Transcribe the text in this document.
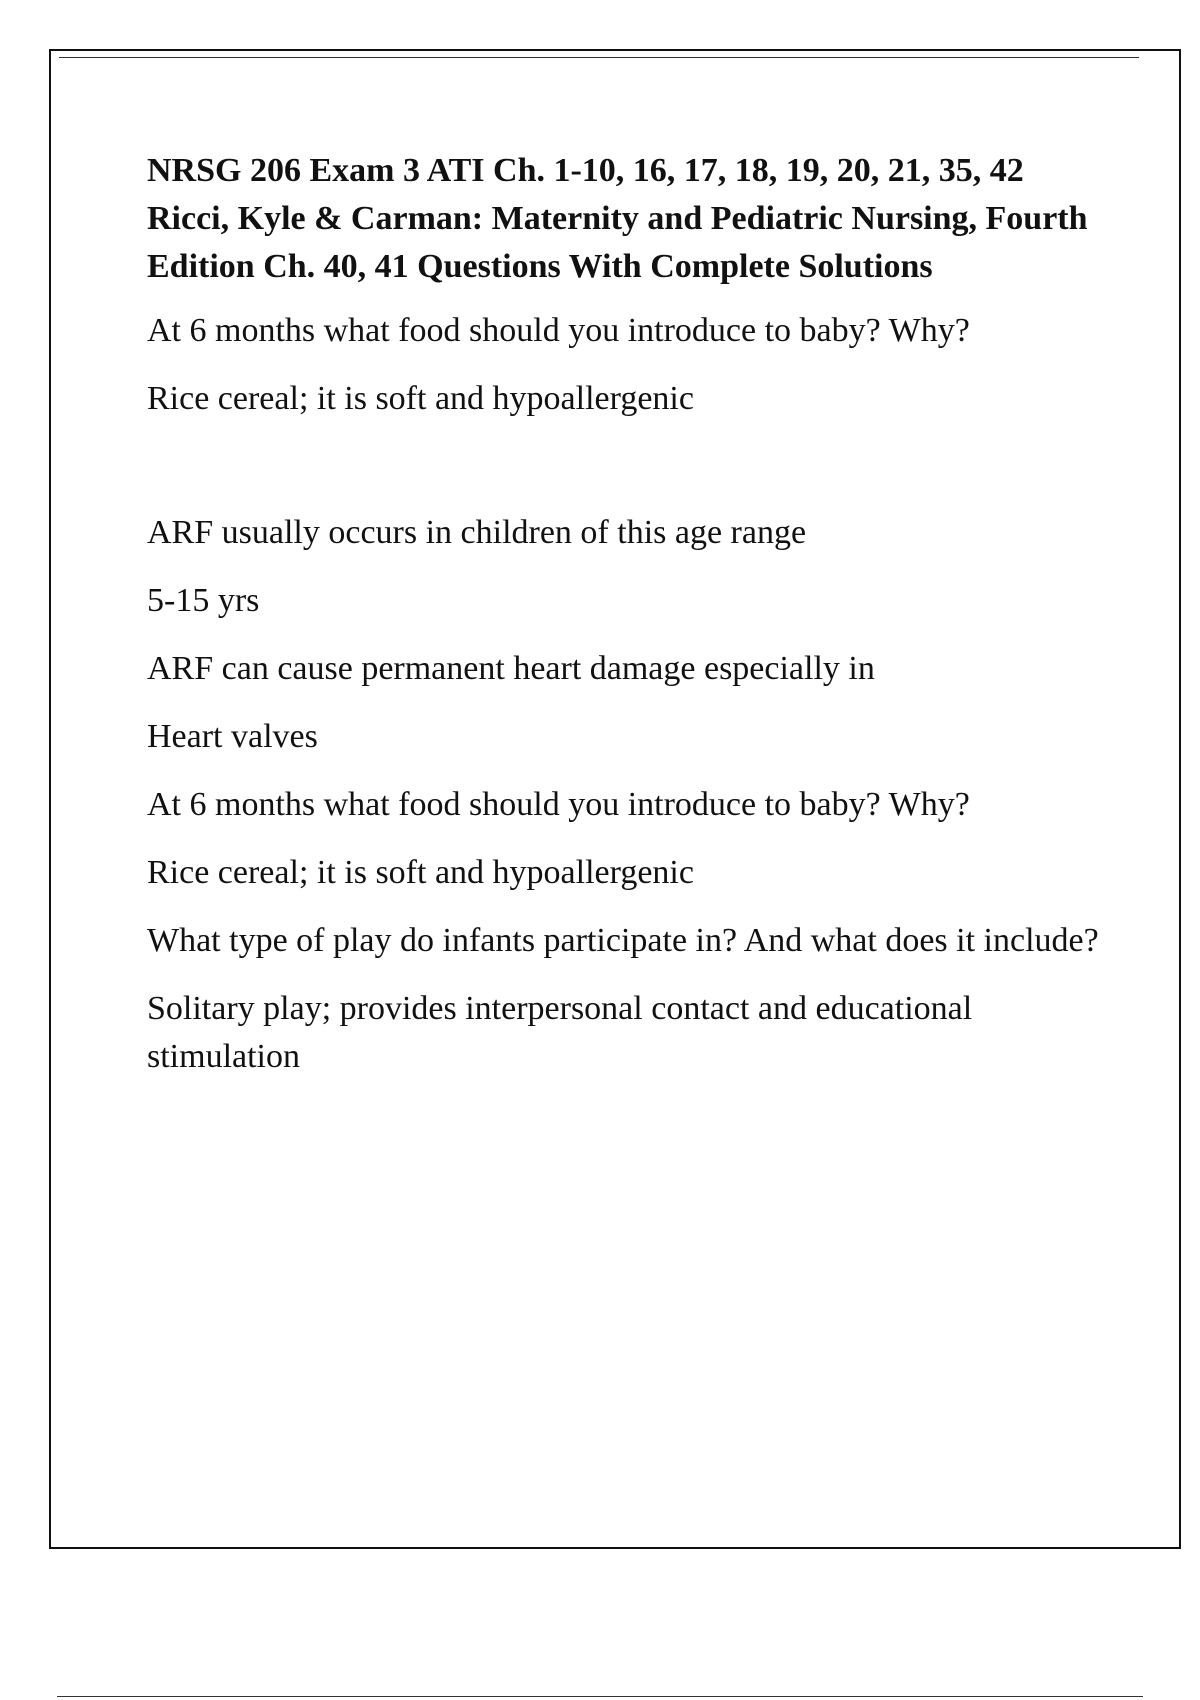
NRSG 206 Exam 3 ATI Ch. 1-10, 16, 17, 18, 19, 20, 21, 35, 42 Ricci, Kyle & Carman: Maternity and Pediatric Nursing, Fourth Edition Ch. 40, 41 Questions With Complete Solutions

At 6 months what food should you introduce to baby? Why?

Rice cereal; it is soft and hypoallergenic

ARF usually occurs in children of this age range

5-15 yrs

ARF can cause permanent heart damage especially in

Heart valves

At 6 months what food should you introduce to baby? Why?

Rice cereal; it is soft and hypoallergenic

What type of play do infants participate in? And what does it include?

Solitary play; provides interpersonal contact and educational stimulation
